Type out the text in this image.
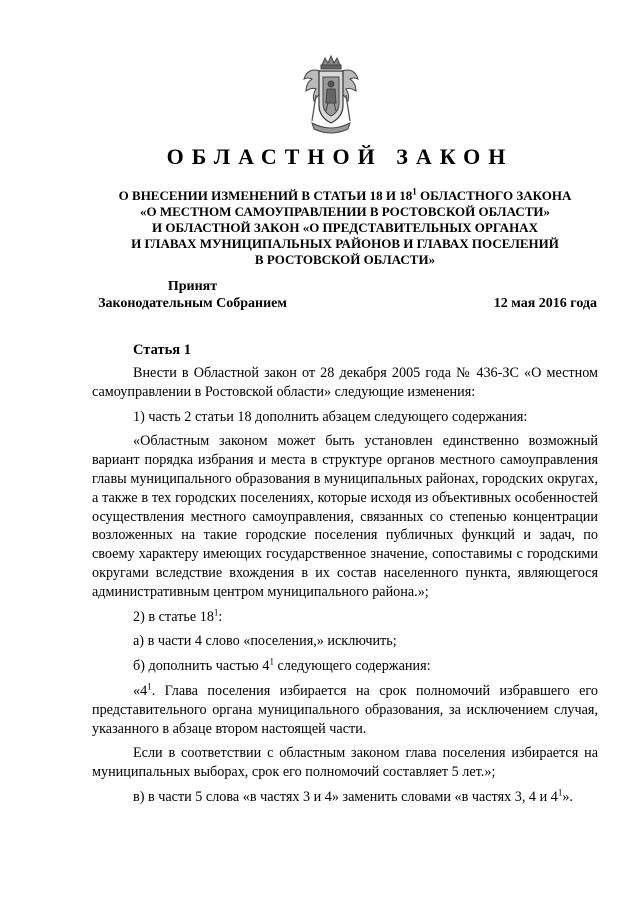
ОБЛАСТНОЙ ЗАКОН
О ВНЕСЕНИИ ИЗМЕНЕНИЙ В СТАТЬИ 18 И $18^1$ ОБЛАСТНОГО ЗАКОНА
«О МЕСТНОМ САМОУПРАВЛЕНИИ В РОСТОВСКОЙ ОБЛАСТИ»
И ОБЛАСТНОЙ ЗАКОН «О ПРЕДСТАВИТЕЛЬНЫХ ОРГАНАХ
И ГЛАВАХ МУНИЦИПАЛЬНЫХ РАЙОНОВ И ГЛАВАХ ПОСЕЛЕНИЙ
В РОСТОВСКОЙ ОБЛАСТИ»
Принят
Законодательным Собранием	12 мая 2016 года
Статья 1

Внести в Областной закон от 28 декабря 2005 года № 436-ЗС «О местном самоуправлении в Ростовской области» следующие изменения:

1) часть 2 статьи 18 дополнить абзацем следующего содержания:

«Областным законом может быть установлен единственно возможный вариант порядка избрания и места в структуре органов местного самоуправления главы муниципального образования в муниципальных районах, городских округах, а также в тех городских поселениях, которые исходя из объективных особенностей осуществления местного самоуправления, связанных со степенью концентрации возложенных на такие городские поселения публичных функций и задач, по своему характеру имеющих государственное значение, сопоставимы с городскими округами вследствие вхождения в их состав населенного пункта, являющегося административным центром муниципального района.»;

2) в статье $18^1$:

а) в части 4 слово «поселения,» исключить;

б) дополнить частью $4^1$ следующего содержания:

«$4^1$. Глава поселения избирается на срок полномочий избравшего его представительного органа муниципального образования, за исключением случая, указанного в абзаце втором настоящей части.

Если в соответствии с областным законом глава поселения избирается на муниципальных выборах, срок его полномочий составляет 5 лет.»;

в) в части 5 слова «в частях 3 и 4» заменить словами «в частях 3, 4 и $4^1$».
